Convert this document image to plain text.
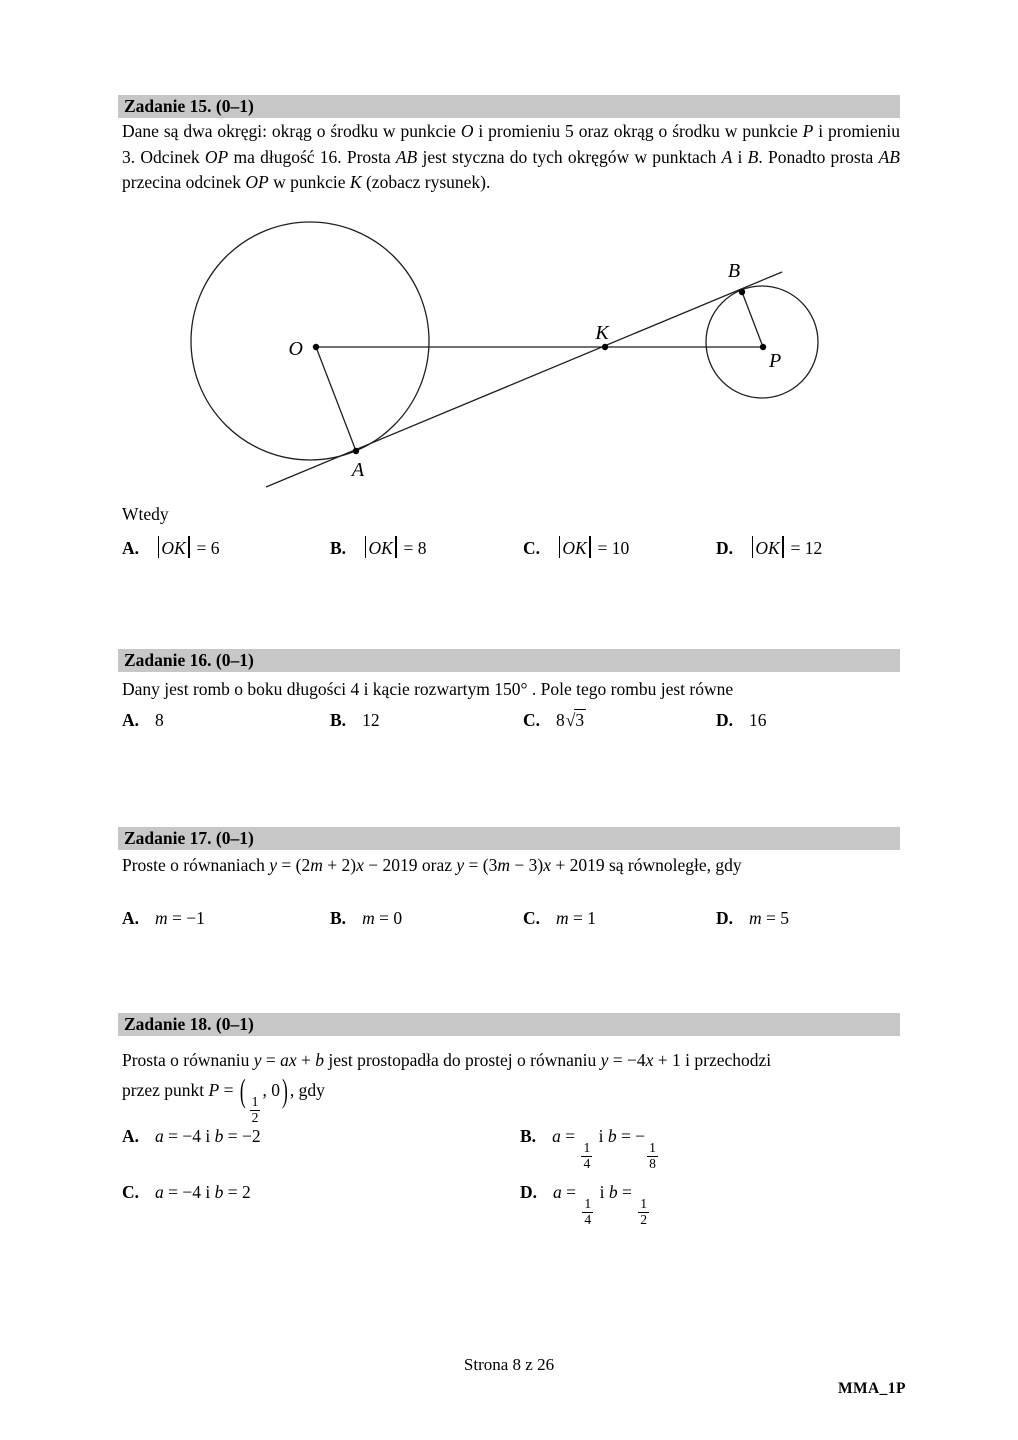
Zadanie 15. (0–1)
Dane są dwa okręgi: okrąg o środku w punkcie O i promieniu 5 oraz okrąg o środku w punkcie P i promieniu 3. Odcinek OP ma długość 16. Prosta AB jest styczna do tych okręgów w punktach A i B. Ponadto prosta AB przecina odcinek OP w punkcie K (zobacz rysunek).
O
K
B
P
A
Wtedy
A. OK = 6	B. OK = 8	C. OK = 10	D. OK = 12
Zadanie 16. (0–1)
Dany jest romb o boku długości 4 i kącie rozwartym 150° . Pole tego rombu jest równe
A. 8	B. 12	C. 8√3	D. 16
Zadanie 17. (0–1)
Proste o równaniach y = (2m + 2)x − 2019 oraz y = (3m − 3)x + 2019 są równoległe, gdy
A. m = −1	B. m = 0	C. m = 1	D. m = 5
Zadanie 18. (0–1)
Prosta o równaniu y = ax + b jest prostopadła do prostej o równaniu y = −4x + 1 i przechodzi
przez punkt P = (
$\frac{1}{2}$
, 0 ) , gdy
A. a = −4 i b = −2	B. a =
$\frac{1}{4}$
i b = −
$\frac{1}{8}$
C. a = −4 i b = 2	D. a =
$\frac{1}{4}$
i b =
$\frac{1}{2}$
Strona 8 z 26
MMA_1P
